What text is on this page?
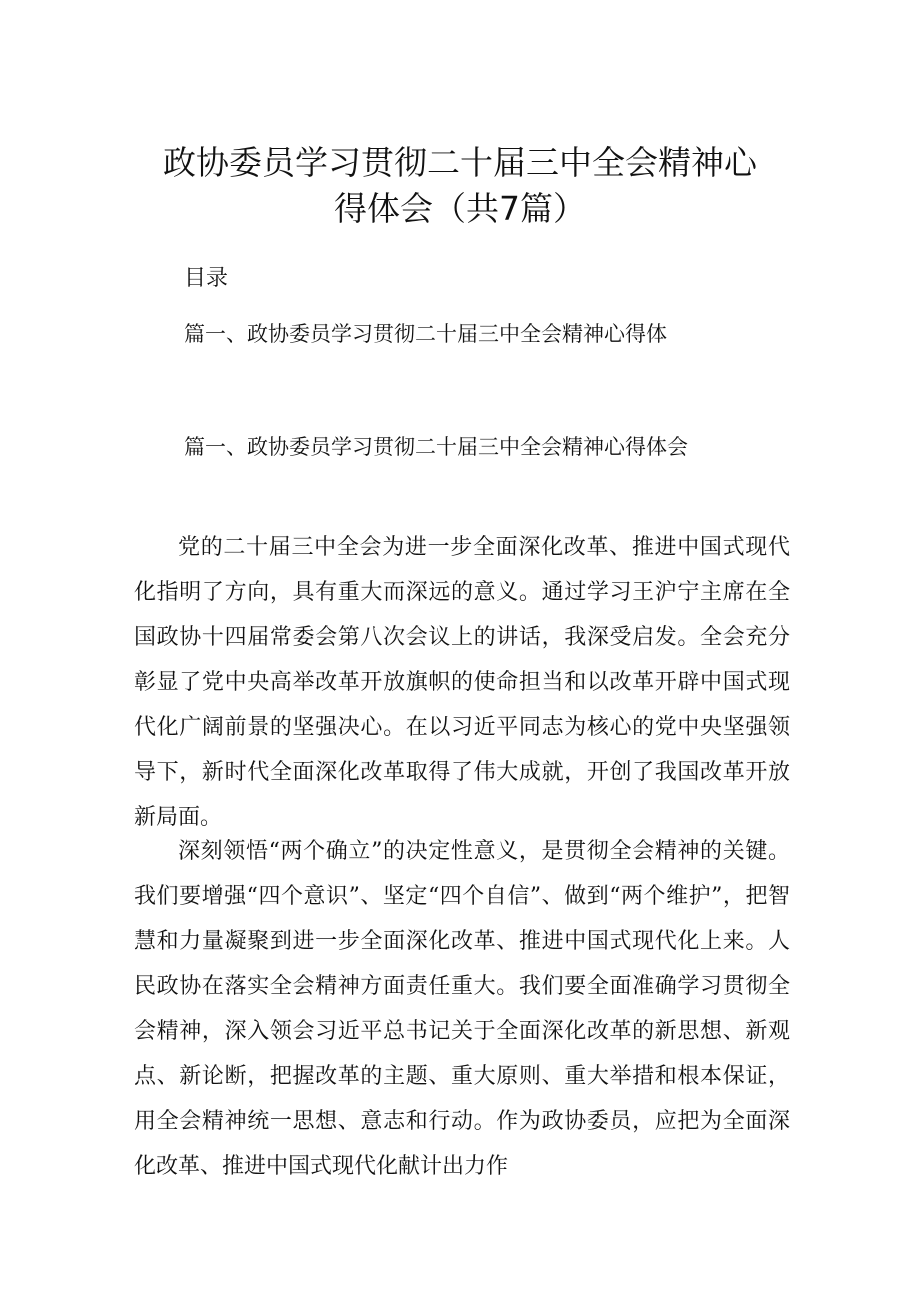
政协委员学习贯彻二十届三中全会精神心
得体会（共7篇）

目录

篇一、政协委员学习贯彻二十届三中全会精神心得体

篇一、政协委员学习贯彻二十届三中全会精神心得体会

党的二十届三中全会为进一步全面深化改革、推进中国式现代化指明了方向，具有重大而深远的意义。通过学习王沪宁主席在全国政协十四届常委会第八次会议上的讲话，我深受启发。全会充分彰显了党中央高举改革开放旗帜的使命担当和以改革开辟中国式现代化广阔前景的坚强决心。在以习近平同志为核心的党中央坚强领导下，新时代全面深化改革取得了伟大成就，开创了我国改革开放新局面。

深刻领悟“两个确立”的决定性意义，是贯彻全会精神的关键。我们要增强“四个意识”、坚定“四个自信”、做到“两个维护”，把智慧和力量凝聚到进一步全面深化改革、推进中国式现代化上来。人民政协在落实全会精神方面责任重大。我们要全面准确学习贯彻全会精神，深入领会习近平总书记关于全面深化改革的新思想、新观点、新论断，把握改革的主题、重大原则、重大举措和根本保证，用全会精神统一思想、意志和行动。作为政协委员，应把为全面深化改革、推进中国式现代化献计出力作
